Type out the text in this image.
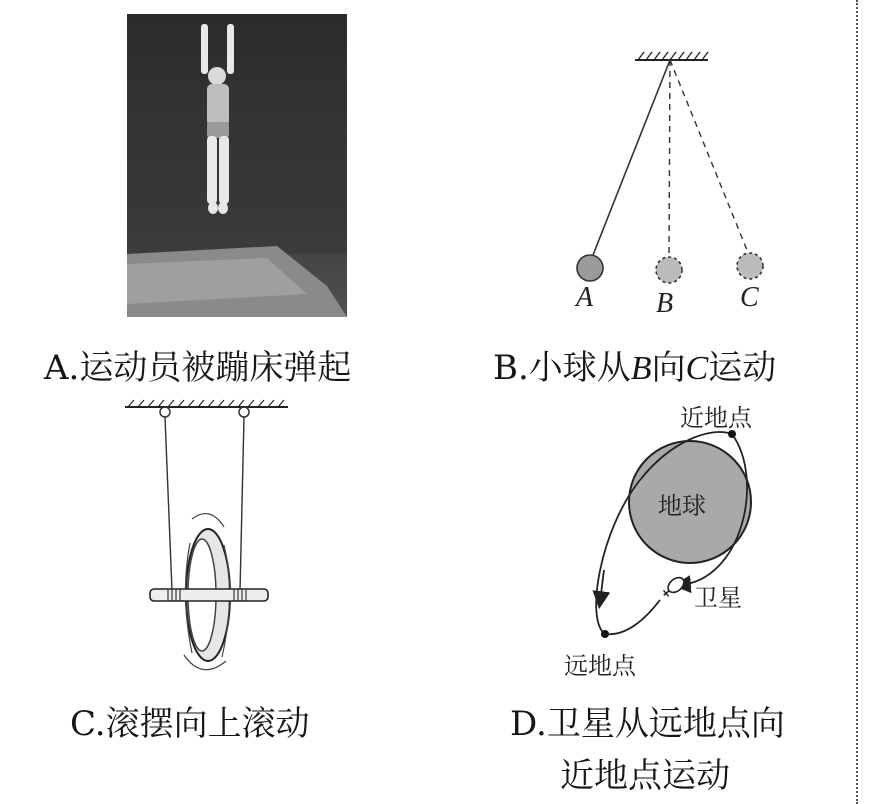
A.运动员被蹦床弹起
A B C
B.小球从B向C运动
C.滚摆向上滚动
地球
近地点
远地点
卫星
D.卫星从远地点向
近地点运动
